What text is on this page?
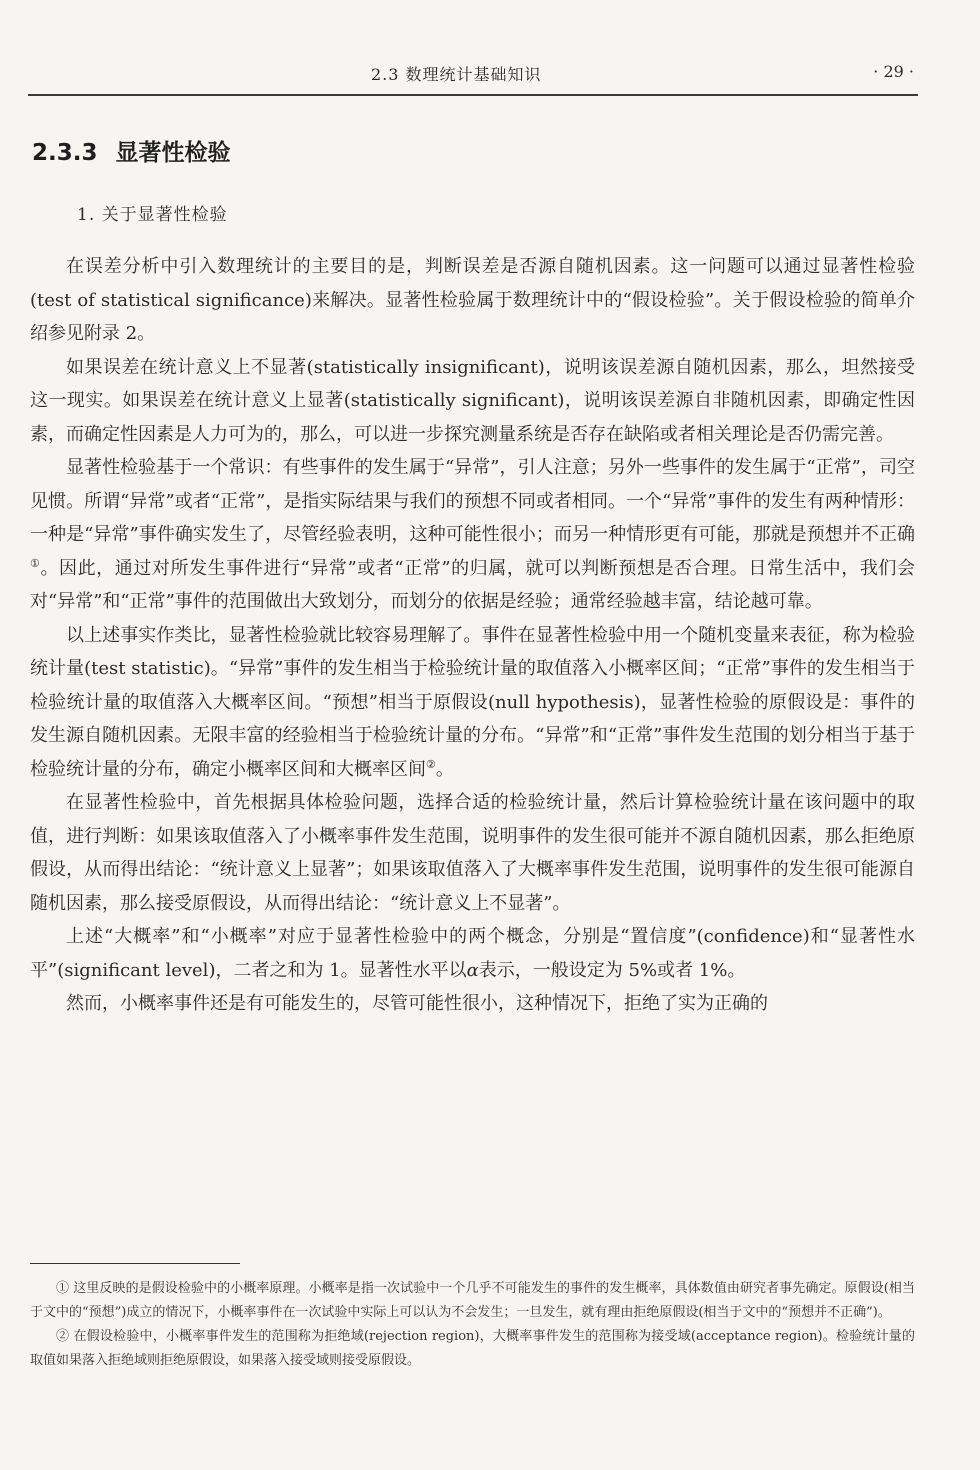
2.3 数理统计基础知识	· 29 ·
2.3.3 显著性检验
1. 关于显著性检验

在误差分析中引入数理统计的主要目的是，判断误差是否源自随机因素。这一问题可以通过显著性检验(test of statistical significance)来解决。显著性检验属于数理统计中的“假设检验”。关于假设检验的简单介绍参见附录 2。

如果误差在统计意义上不显著(statistically insignificant)，说明该误差源自随机因素，那么，坦然接受这一现实。如果误差在统计意义上显著(statistically significant)，说明该误差源自非随机因素，即确定性因素，而确定性因素是人力可为的，那么，可以进一步探究测量系统是否存在缺陷或者相关理论是否仍需完善。

显著性检验基于一个常识：有些事件的发生属于“异常”，引人注意；另外一些事件的发生属于“正常”，司空见惯。所谓“异常”或者“正常”，是指实际结果与我们的预想不同或者相同。一个“异常”事件的发生有两种情形：一种是“异常”事件确实发生了，尽管经验表明，这种可能性很小；而另一种情形更有可能，那就是预想并不正确①。因此，通过对所发生事件进行“异常”或者“正常”的归属，就可以判断预想是否合理。日常生活中，我们会对“异常”和“正常”事件的范围做出大致划分，而划分的依据是经验；通常经验越丰富，结论越可靠。

以上述事实作类比，显著性检验就比较容易理解了。事件在显著性检验中用一个随机变量来表征，称为检验统计量(test statistic)。“异常”事件的发生相当于检验统计量的取值落入小概率区间；“正常”事件的发生相当于检验统计量的取值落入大概率区间。“预想”相当于原假设(null hypothesis)，显著性检验的原假设是：事件的发生源自随机因素。无限丰富的经验相当于检验统计量的分布。“异常”和“正常”事件发生范围的划分相当于基于检验统计量的分布，确定小概率区间和大概率区间②。

在显著性检验中，首先根据具体检验问题，选择合适的检验统计量，然后计算检验统计量在该问题中的取值，进行判断：如果该取值落入了小概率事件发生范围，说明事件的发生很可能并不源自随机因素，那么拒绝原假设，从而得出结论：“统计意义上显著”；如果该取值落入了大概率事件发生范围，说明事件的发生很可能源自随机因素，那么接受原假设，从而得出结论：“统计意义上不显著”。

上述“大概率”和“小概率”对应于显著性检验中的两个概念，分别是“置信度”(confidence)和“显著性水平”(significant level)，二者之和为 1。显著性水平以α表示，一般设定为 5%或者 1%。

然而，小概率事件还是有可能发生的，尽管可能性很小，这种情况下，拒绝了实为正确的

① 这里反映的是假设检验中的小概率原理。小概率是指一次试验中一个几乎不可能发生的事件的发生概率，具体数值由研究者事先确定。原假设(相当于文中的“预想”)成立的情况下，小概率事件在一次试验中实际上可以认为不会发生；一旦发生，就有理由拒绝原假设(相当于文中的“预想并不正确”)。

② 在假设检验中，小概率事件发生的范围称为拒绝域(rejection region)，大概率事件发生的范围称为接受域(acceptance region)。检验统计量的取值如果落入拒绝域则拒绝原假设，如果落入接受域则接受原假设。
